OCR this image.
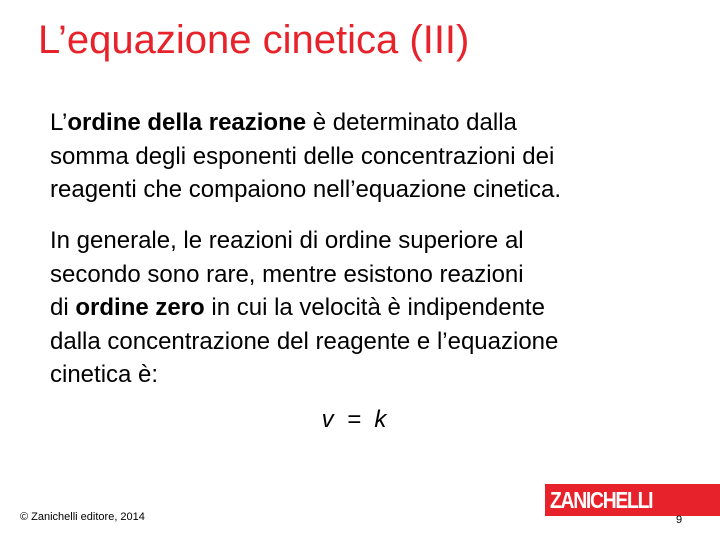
L’equazione cinetica (III)

L’ordine della reazione è determinato dalla
somma degli esponenti delle concentrazioni dei
reagenti che compaiono nell’equazione cinetica.

In generale, le reazioni di ordine superiore al
secondo sono rare, mentre esistono reazioni
di ordine zero in cui la velocità è indipendente
dalla concentrazione del reagente e l’equazione
cinetica è:

v  =  k
© Zanichelli editore, 2014
ZANICHELLI
9
